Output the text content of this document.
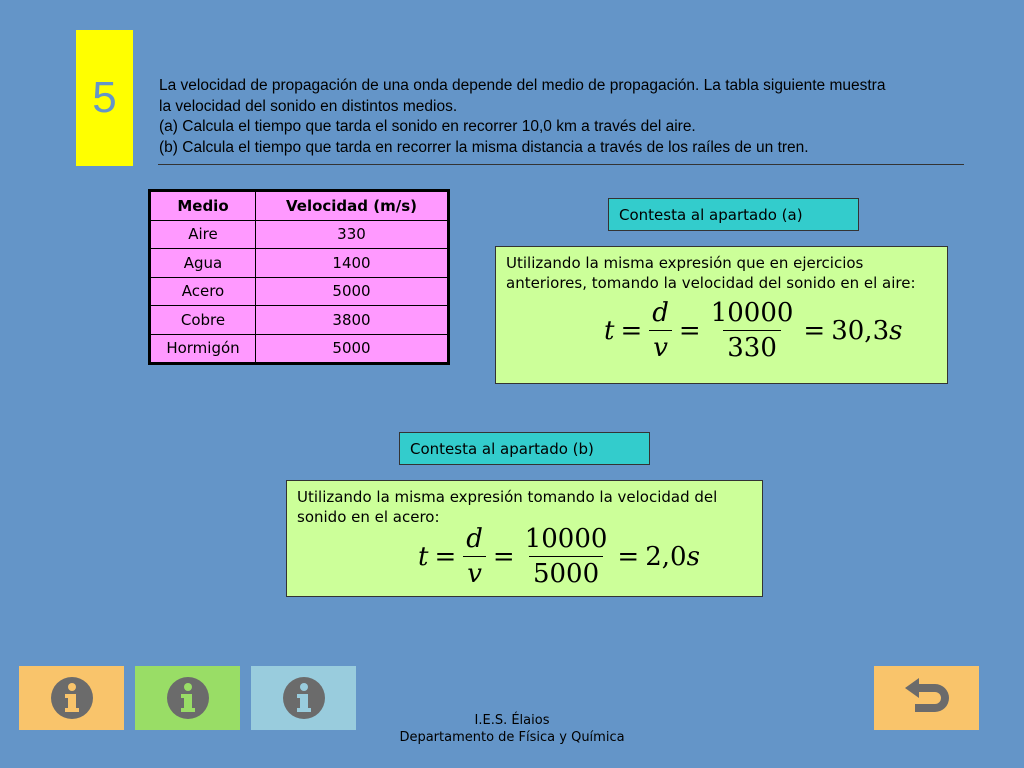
5	La velocidad de propagación de una onda depende del medio de propagación. La tabla siguiente muestra
la velocidad del sonido en distintos medios.
(a) Calcula el tiempo que tarda el sonido en recorrer 10,0 km a través del aire.
(b) Calcula el tiempo que tarda en recorrer la misma distancia a través de los raíles de un tren.
Medio	Velocidad (m/s)
Aire	330
Agua	1400
Acero	5000
Cobre	3800
Hormigón	5000
Contesta al apartado (a)
Utilizando la misma expresión que en ejercicios anteriores, tomando la velocidad del sonido en el aire:
$t = \frac{d}{v} = \frac{10000}{330} = 30,3$ s
Contesta al apartado (b)
Utilizando la misma expresión tomando la velocidad del sonido en el acero:
$t = \frac{d}{v} = \frac{10000}{5000} = 2,0$ s
I.E.S. Élaios
Departamento de Física y Química
